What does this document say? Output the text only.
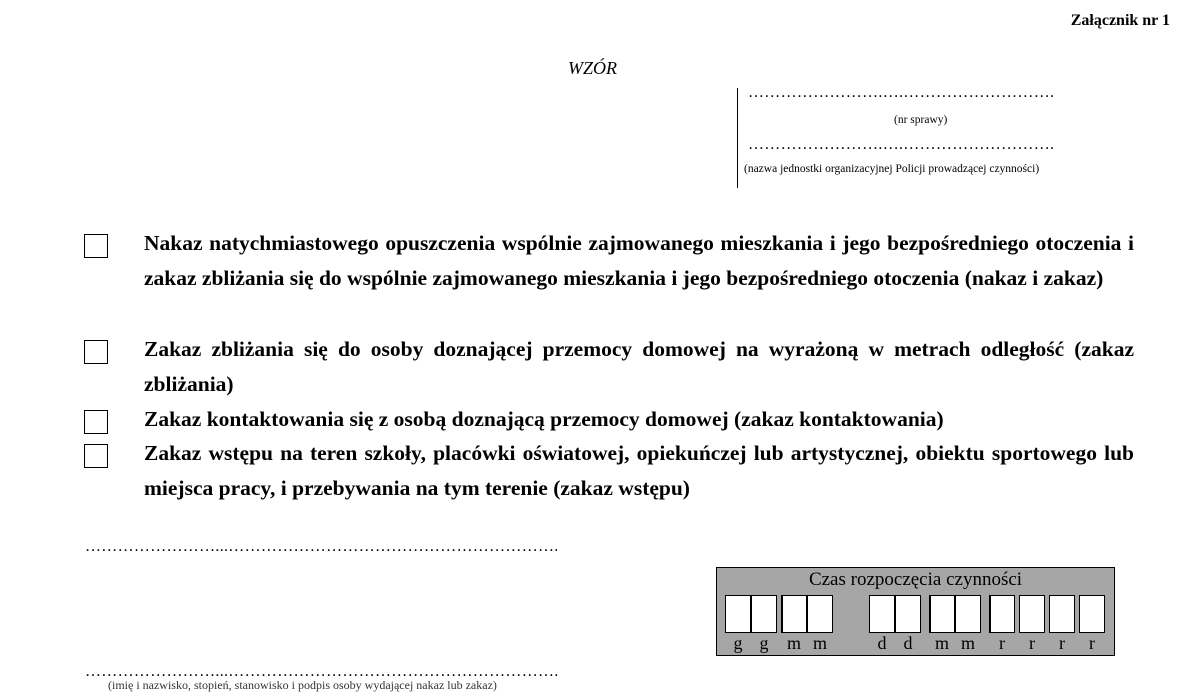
Załącznik nr 1
WZÓR
…………………….….……………………….
(nr sprawy)
…………………….….……………………….
(nazwa jednostki organizacyjnej Policji prowadzącej czynności)
Nakaz natychmiastowego opuszczenia wspólnie zajmowanego mieszkania i jego bezpośredniego otoczenia i zakaz zbliżania się do wspólnie zajmowanego mieszkania i jego bezpośredniego otoczenia (nakaz i zakaz)
Zakaz zbliżania się do osoby doznającej przemocy domowej na wyrażoną w metrach odległość (zakaz zbliżania)
Zakaz kontaktowania się z osobą doznającą przemocy domowej (zakaz kontaktowania)
Zakaz wstępu na teren szkoły, placówki oświatowej, opiekuńczej lub artystycznej, obiektu sportowego lub miejsca pracy, i przebywania na tym terenie (zakaz wstępu)
……………………...…………………………………………………….
Czas rozpoczęcia czynności
g g	m m	d d	m m	r	r	r	r
……………………...…………………………………………………….
(imię i nazwisko, stopień, stanowisko i podpis osoby wydającej nakaz lub zakaz)
